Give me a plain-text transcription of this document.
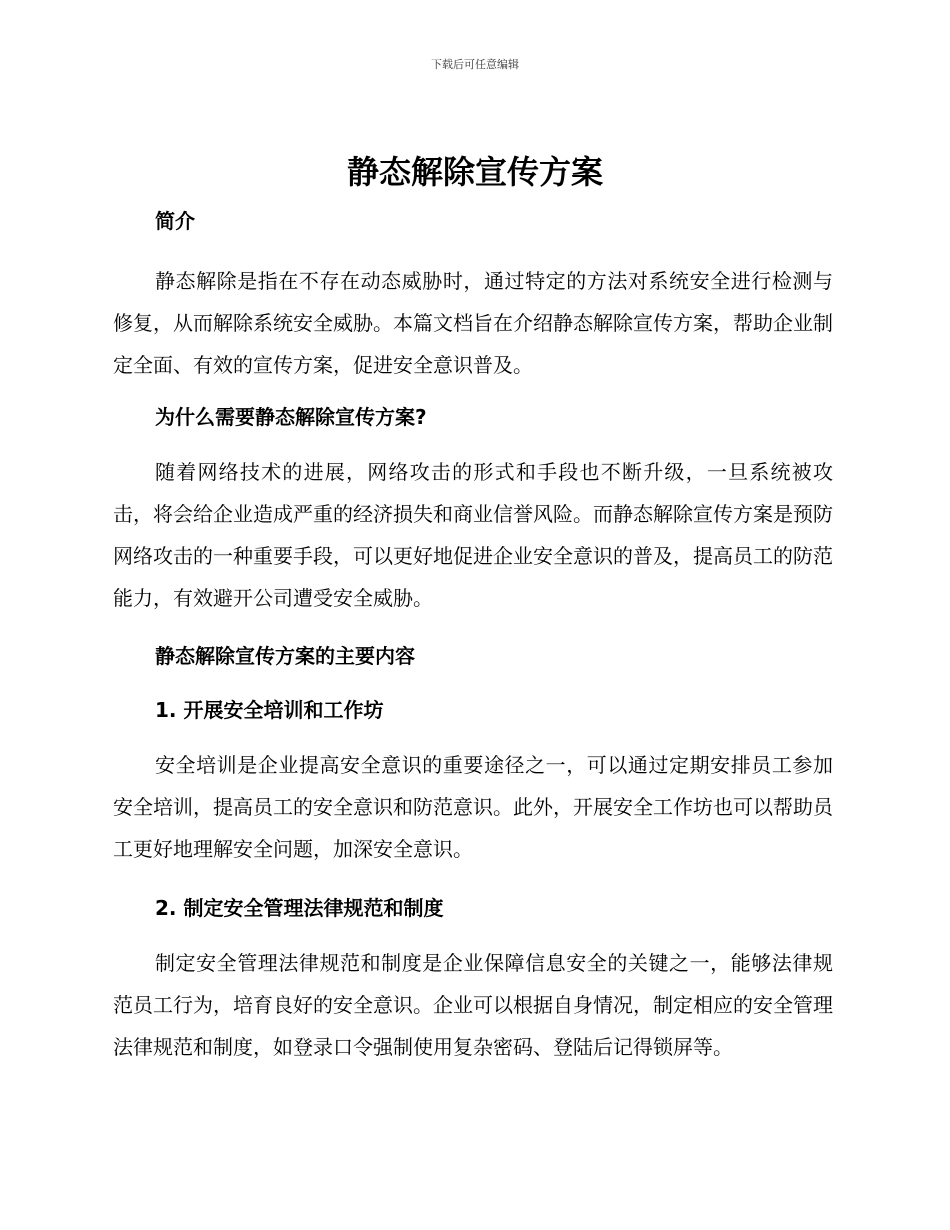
下载后可任意编辑

静态解除宣传方案
简介

静态解除是指在不存在动态威胁时，通过特定的方法对系统安全进行检测与修复，从而解除系统安全威胁。本篇文档旨在介绍静态解除宣传方案，帮助企业制定全面、有效的宣传方案，促进安全意识普及。

为什么需要静态解除宣传方案?

随着网络技术的进展，网络攻击的形式和手段也不断升级，一旦系统被攻击，将会给企业造成严重的经济损失和商业信誉风险。而静态解除宣传方案是预防网络攻击的一种重要手段，可以更好地促进企业安全意识的普及，提高员工的防范能力，有效避开公司遭受安全威胁。

静态解除宣传方案的主要内容
1. 开展安全培训和工作坊

安全培训是企业提高安全意识的重要途径之一，可以通过定期安排员工参加安全培训，提高员工的安全意识和防范意识。此外，开展安全工作坊也可以帮助员工更好地理解安全问题，加深安全意识。

2. 制定安全管理法律规范和制度

制定安全管理法律规范和制度是企业保障信息安全的关键之一，能够法律规范员工行为，培育良好的安全意识。企业可以根据自身情况，制定相应的安全管理法律规范和制度，如登录口令强制使用复杂密码、登陆后记得锁屏等。
